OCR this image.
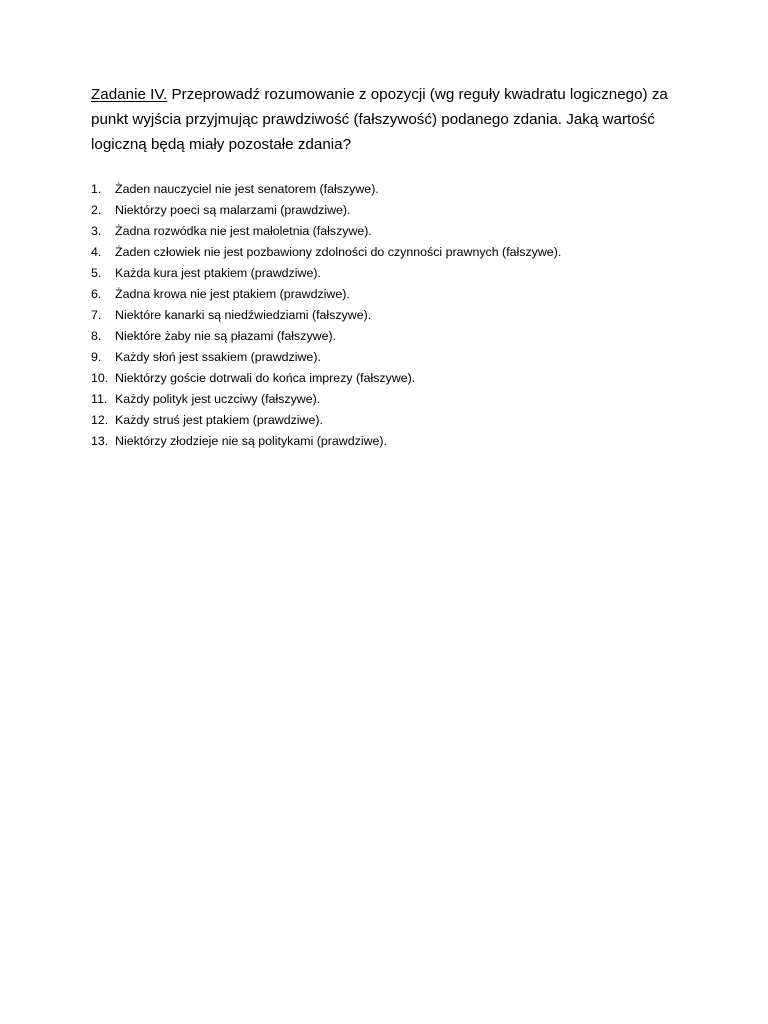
Zadanie IV. Przeprowadź rozumowanie z opozycji (wg reguły kwadratu logicznego) za punkt wyjścia przyjmując prawdziwość (fałszywość) podanego zdania. Jaką wartość logiczną będą miały pozostałe zdania?

1.	Żaden nauczyciel nie jest senatorem (fałszywe).
2.	Niektórzy poeci są malarzami (prawdziwe).
3.	Żadna rozwódka nie jest małoletnia (fałszywe).
4.	Żaden człowiek nie jest pozbawiony zdolności do czynności prawnych (fałszywe).
5.	Każda kura jest ptakiem (prawdziwe).
6.	Żadna krowa nie jest ptakiem (prawdziwe).
7.	Niektóre kanarki są niedźwiedziami (fałszywe).
8.	Niektóre żaby nie są płazami (fałszywe).
9.	Każdy słoń jest ssakiem (prawdziwe).
10. Niektórzy goście dotrwali do końca imprezy (fałszywe).
11. Każdy polityk jest uczciwy (fałszywe).
12. Każdy struś jest ptakiem (prawdziwe).
13. Niektórzy złodzieje nie są politykami (prawdziwe).
